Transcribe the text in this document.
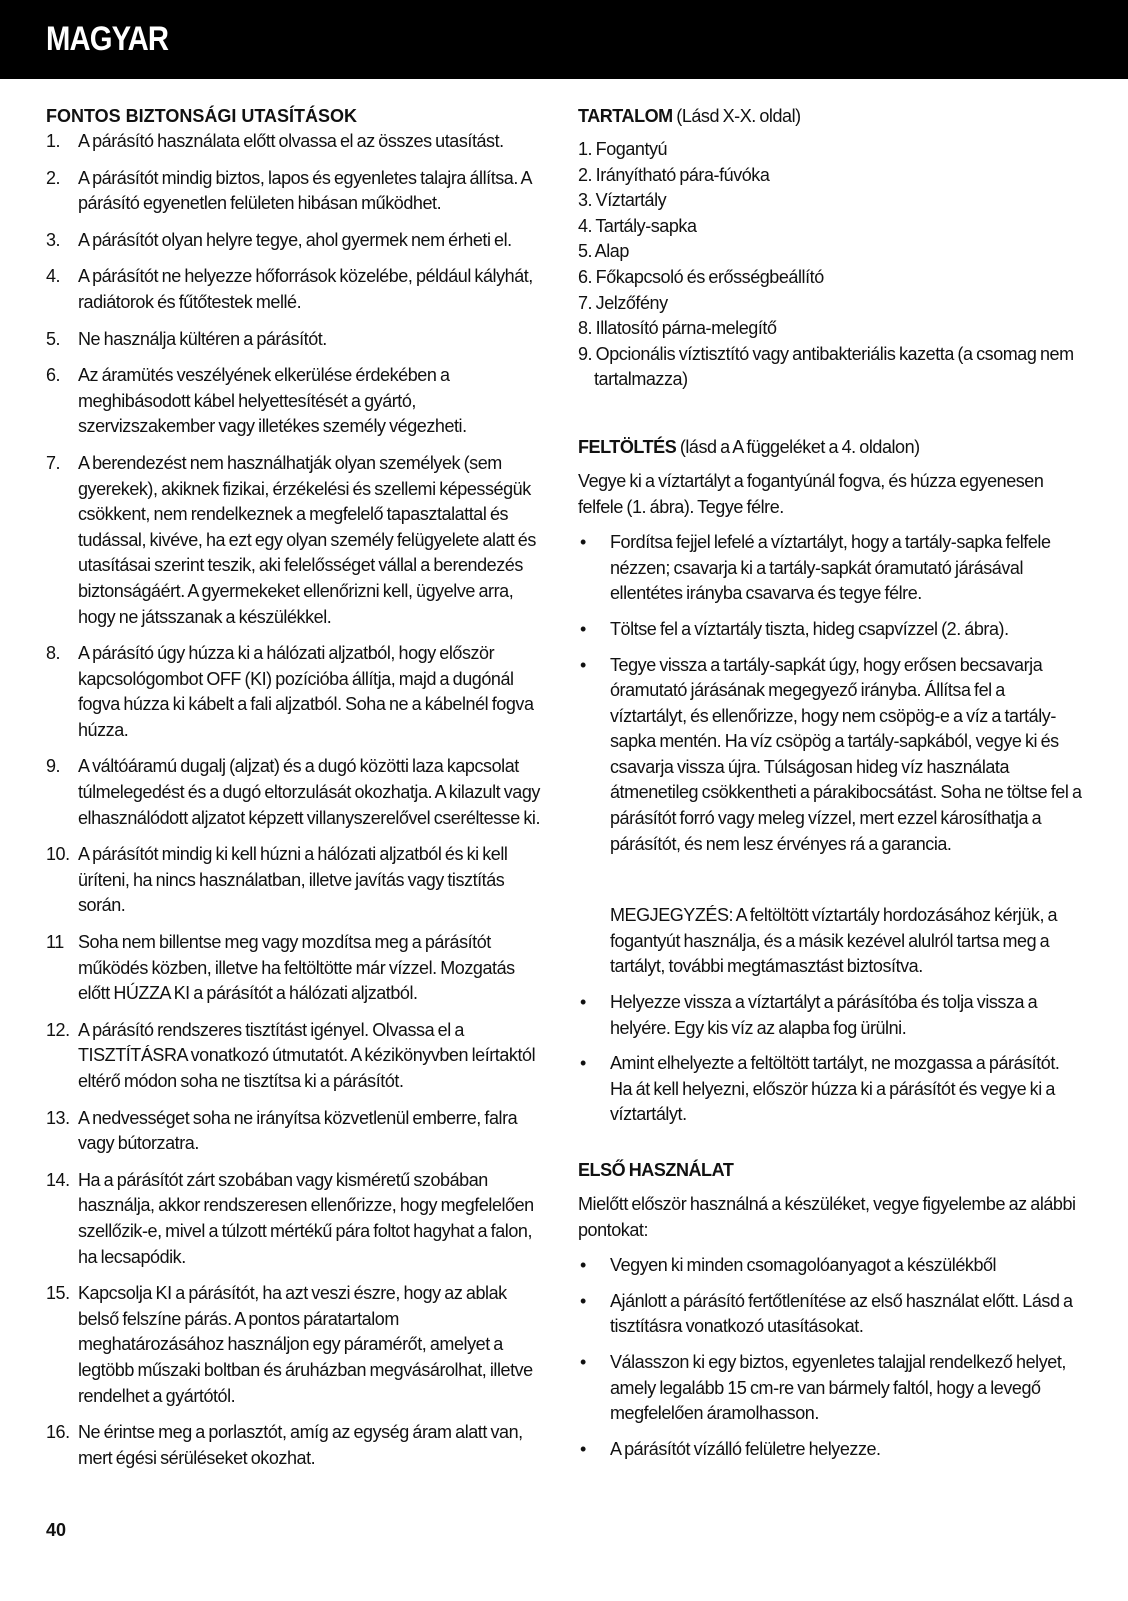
MAGYAR
FONTOS BIZTONSÁGI UTASÍTÁSOK
1. A párásító használata előtt olvassa el az összes utasítást.
2. A párásítót mindig biztos, lapos és egyenletes talajra állítsa. A párásító egyenetlen felületen hibásan működhet.
3. A párásítót olyan helyre tegye, ahol gyermek nem érheti el.
4. A párásítót ne helyezze hőforrások közelébe, például kályhát, radiátorok és fűtőtestek mellé.
5. Ne használja kültéren a párásítót.
6. Az áramütés veszélyének elkerülése érdekében a meghibásodott kábel helyettesítését a gyártó, szervizszakember vagy illetékes személy végezheti.
7. A berendezést nem használhatják olyan személyek (sem gyerekek), akiknek fizikai, érzékelési és szellemi képességük csökkent, nem rendelkeznek a megfelelő tapasztalattal és tudással, kivéve, ha ezt egy olyan személy felügyelete alatt és utasításai szerint teszik, aki felelősséget vállal a berendezés biztonságáért. A gyermekeket ellenőrizni kell, ügyelve arra, hogy ne játsszanak a készülékkel.
8. A párásító úgy húzza ki a hálózati aljzatból, hogy először kapcsológombot OFF (KI) pozícióba állítja, majd a dugónál fogva húzza ki kábelt a fali aljzatból. Soha ne a kábelnél fogva húzza.
9. A váltóáramú dugalj (aljzat) és a dugó közötti laza kapcsolat túlmelegedést és a dugó eltorzulását okozhatja. A kilazult vagy elhasználódott aljzatot képzett villanyszerelővel cseréltesse ki.
10. A párásítót mindig ki kell húzni a hálózati aljzatból és ki kell üríteni, ha nincs használatban, illetve javítás vagy tisztítás során.
11 Soha nem billentse meg vagy mozdítsa meg a párásítót működés közben, illetve ha feltöltötte már vízzel. Mozgatás előtt HÚZZA KI a párásítót a hálózati aljzatból.
12. A párásító rendszeres tisztítást igényel. Olvassa el a TISZTÍTÁSRA vonatkozó útmutatót. A kézikönyvben leírtaktól eltérő módon soha ne tisztítsa ki a párásítót.
13. A nedvességet soha ne irányítsa közvetlenül emberre, falra vagy bútorzatra.
14. Ha a párásítót zárt szobában vagy kisméretű szobában használja, akkor rendszeresen ellenőrizze, hogy megfelelően szellőzik-e, mivel a túlzott mértékű pára foltot hagyhat a falon, ha lecsapódik.
15. Kapcsolja KI a párásítót, ha azt veszi észre, hogy az ablak belső felszíne párás. A pontos páratartalom meghatározásához használjon egy páramérőt, amelyet a legtöbb műszaki boltban és áruházban megvásárolhat, illetve rendelhet a gyártótól.
16. Ne érintse meg a porlasztót, amíg az egység áram alatt van, mert égési sérüléseket okozhat.
TARTALOM (Lásd X-X. oldal)
1. Fogantyú
2. Irányítható pára-fúvóka
3. Víztartály
4. Tartály-sapka
5. Alap
6. Főkapcsoló és erősségbeállító
7. Jelzőfény
8. Illatosító párna-melegítő
9. Opcionális víztisztító vagy antibakteriális kazetta (a csomag nem tartalmazza)
FELTÖLTÉS (lásd a A függeléket a 4. oldalon)

Vegye ki a víztartályt a fogantyúnál fogva, és húzza egyenesen felfele (1. ábra). Tegye félre.

•	Fordítsa fejjel lefelé a víztartályt, hogy a tartály-sapka felfele nézzen; csavarja ki a tartály-sapkát óramutató járásával ellentétes irányba csavarva és tegye félre.
•	Töltse fel a víztartály tiszta, hideg csapvízzel (2. ábra).
•	Tegye vissza a tartály-sapkát úgy, hogy erősen becsavarja óramutató járásának megegyező irányba. Állítsa fel a víztartályt, és ellenőrizze, hogy nem csöpög-e a víz a tartály-sapka mentén. Ha víz csöpög a tartály-sapkából, vegye ki és csavarja vissza újra. Túlságosan hideg víz használata átmenetileg csökkentheti a párakibocsátást. Soha ne töltse fel a párásítót forró vagy meleg vízzel, mert ezzel károsíthatja a párásítót, és nem lesz érvényes rá a garancia.
MEGJEGYZÉS: A feltöltött víztartály hordozásához kérjük, a fogantyút használja, és a másik kezével alulról tartsa meg a tartályt, további megtámasztást biztosítva.
•	Helyezze vissza a víztartályt a párásítóba és tolja vissza a helyére. Egy kis víz az alapba fog ürülni.
•	Amint elhelyezte a feltöltött tartályt, ne mozgassa a párásítót. Ha át kell helyezni, először húzza ki a párásítót és vegye ki a víztartályt.
ELSŐ HASZNÁLAT

Mielőtt először használná a készüléket, vegye figyelembe az alábbi pontokat:

•	Vegyen ki minden csomagolóanyagot a készülékből
•	Ajánlott a párásító fertőtlenítése az első használat előtt. Lásd a tisztításra vonatkozó utasításokat.
•	Válasszon ki egy biztos, egyenletes talajjal rendelkező helyet, amely legalább 15 cm-re van bármely faltól, hogy a levegő megfelelően áramolhasson.
•	A párásítót vízálló felületre helyezze.
40
